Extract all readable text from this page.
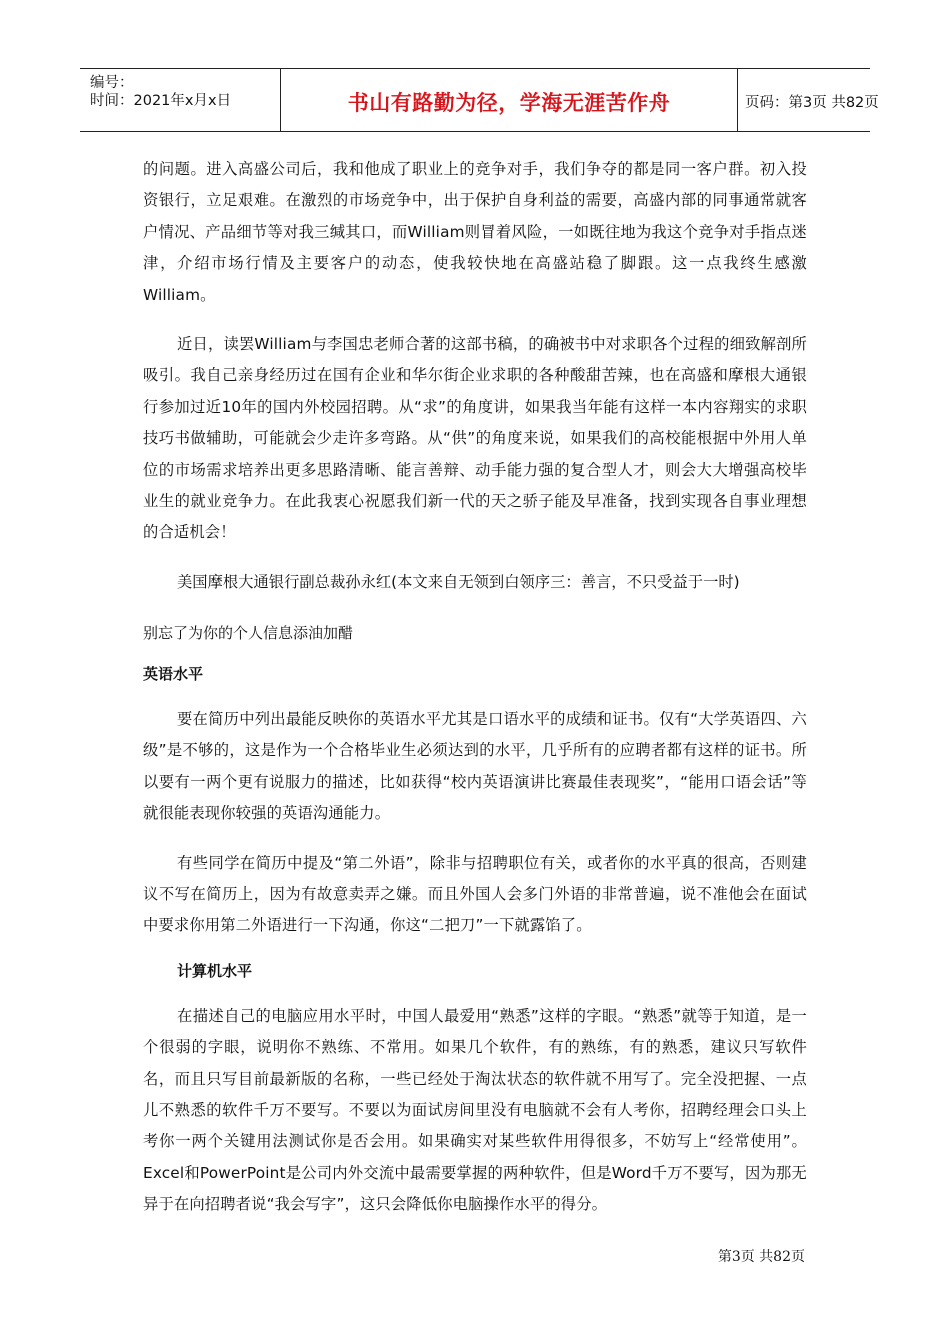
编号：
时间：2021年x月x日	书山有路勤为径，学海无涯苦作舟	页码：第3页 共82页

的问题。进入高盛公司后，我和他成了职业上的竞争对手，我们争夺的都是同一客户群。初入投资银行，立足艰难。在激烈的市场竞争中，出于保护自身利益的需要，高盛内部的同事通常就客户情况、产品细节等对我三缄其口，而William则冒着风险，一如既往地为我这个竞争对手指点迷津，介绍市场行情及主要客户的动态，使我较快地在高盛站稳了脚跟。这一点我终生感激William。

近日，读罢William与李国忠老师合著的这部书稿，的确被书中对求职各个过程的细致解剖所吸引。我自己亲身经历过在国有企业和华尔街企业求职的各种酸甜苦辣，也在高盛和摩根大通银行参加过近10年的国内外校园招聘。从“求”的角度讲，如果我当年能有这样一本内容翔实的求职技巧书做辅助，可能就会少走许多弯路。从“供”的角度来说，如果我们的高校能根据中外用人单位的市场需求培养出更多思路清晰、能言善辩、动手能力强的复合型人才，则会大大增强高校毕业生的就业竞争力。在此我衷心祝愿我们新一代的天之骄子能及早准备，找到实现各自事业理想的合适机会！

美国摩根大通银行副总裁孙永红(本文来自无领到白领序三：善言，不只受益于一时)

别忘了为你的个人信息添油加醋

英语水平

要在简历中列出最能反映你的英语水平尤其是口语水平的成绩和证书。仅有“大学英语四、六级”是不够的，这是作为一个合格毕业生必须达到的水平，几乎所有的应聘者都有这样的证书。所以要有一两个更有说服力的描述，比如获得“校内英语演讲比赛最佳表现奖”，“能用口语会话”等就很能表现你较强的英语沟通能力。

有些同学在简历中提及“第二外语”，除非与招聘职位有关，或者你的水平真的很高，否则建议不写在简历上，因为有故意卖弄之嫌。而且外国人会多门外语的非常普遍，说不准他会在面试中要求你用第二外语进行一下沟通，你这“二把刀”一下就露馅了。

计算机水平

在描述自己的电脑应用水平时，中国人最爱用“熟悉”这样的字眼。“熟悉”就等于知道，是一个很弱的字眼，说明你不熟练、不常用。如果几个软件，有的熟练，有的熟悉，建议只写软件名，而且只写目前最新版的名称，一些已经处于淘汰状态的软件就不用写了。完全没把握、一点儿不熟悉的软件千万不要写。不要以为面试房间里没有电脑就不会有人考你，招聘经理会口头上考你一两个关键用法测试你是否会用。如果确实对某些软件用得很多，不妨写上“经常使用”。Excel和PowerPoint是公司内外交流中最需要掌握的两种软件，但是Word千万不要写，因为那无异于在向招聘者说“我会写字”，这只会降低你电脑操作水平的得分。

第3页 共82页
